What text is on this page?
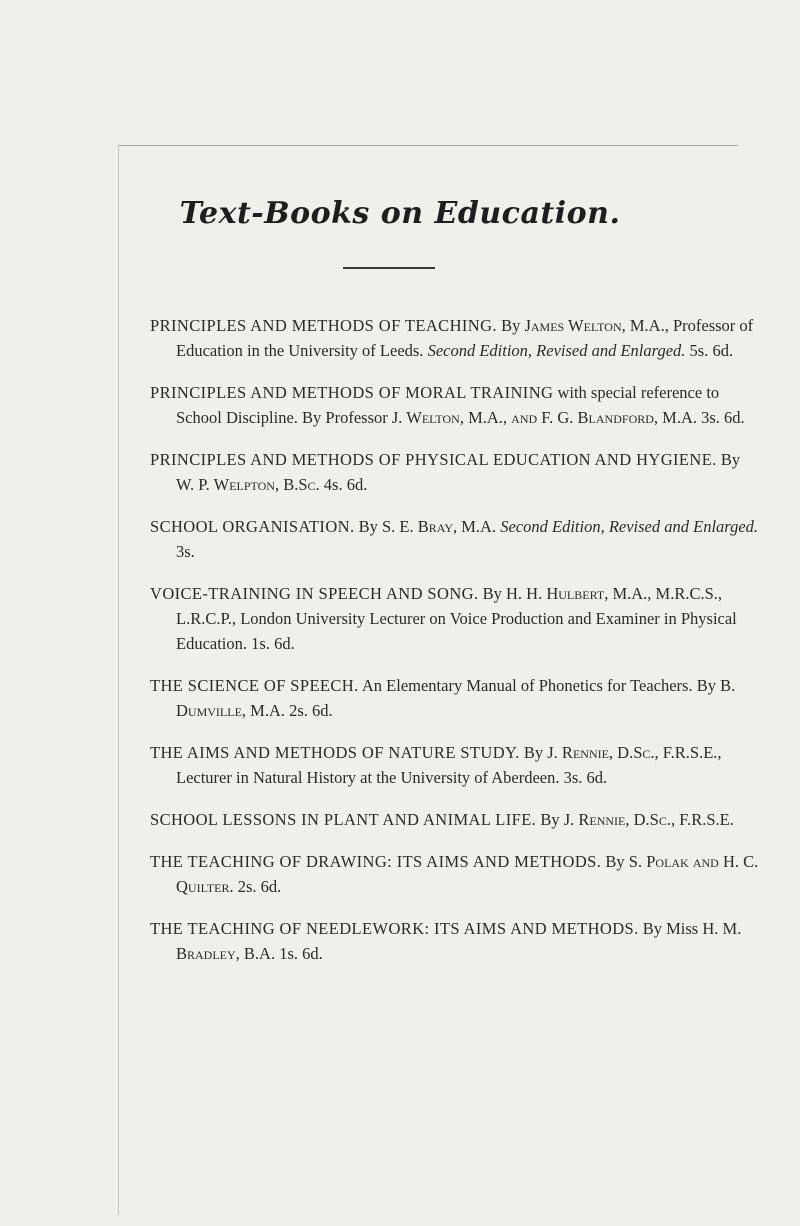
Text-Books on Education.

PRINCIPLES AND METHODS OF TEACHING. By James Welton, M.A., Professor of Education in the University of Leeds. Second Edition, Revised and Enlarged. 5s. 6d.

PRINCIPLES AND METHODS OF MORAL TRAINING with special reference to School Discipline. By Professor J. Welton, M.A., and F. G. Blandford, M.A. 3s. 6d.

PRINCIPLES AND METHODS OF PHYSICAL EDUCATION AND HYGIENE. By W. P. Welpton, B.Sc. 4s. 6d.

SCHOOL ORGANISATION. By S. E. Bray, M.A. Second Edition, Revised and Enlarged. 3s.

VOICE-TRAINING IN SPEECH AND SONG. By H. H. Hulbert, M.A., M.R.C.S., L.R.C.P., London University Lecturer on Voice Production and Examiner in Physical Education. 1s. 6d.

THE SCIENCE OF SPEECH. An Elementary Manual of Phonetics for Teachers. By B. Dumville, M.A. 2s. 6d.

THE AIMS AND METHODS OF NATURE STUDY. By J. Rennie, D.Sc., F.R.S.E., Lecturer in Natural History at the University of Aberdeen. 3s. 6d.

SCHOOL LESSONS IN PLANT AND ANIMAL LIFE. By J. Rennie, D.Sc., F.R.S.E.

THE TEACHING OF DRAWING: ITS AIMS AND METHODS. By S. Polak and H. C. Quilter. 2s. 6d.

THE TEACHING OF NEEDLEWORK: ITS AIMS AND METHODS. By Miss H. M. Bradley, B.A. 1s. 6d.
